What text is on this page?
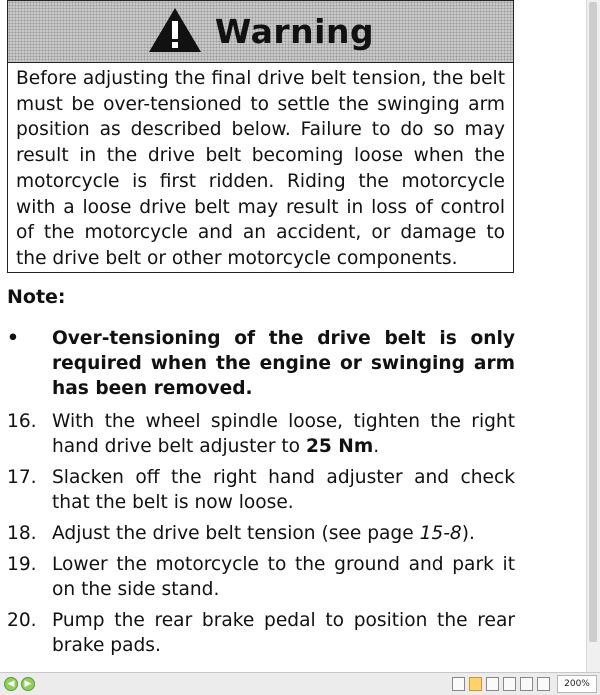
Warning
Before adjusting the final drive belt tension, the belt must be over-tensioned to settle the swinging arm position as described below. Failure to do so may result in the drive belt becoming loose when the motorcycle is first ridden. Riding the motorcycle with a loose drive belt may result in loss of control of the motorcycle and an accident, or damage to the drive belt or other motorcycle components.
Note:
•	Over-tensioning of the drive belt is only required when the engine or swinging arm has been removed.
16. With the wheel spindle loose, tighten the right hand drive belt adjuster to 25 Nm.
17. Slacken off the right hand adjuster and check that the belt is now loose.
18. Adjust the drive belt tension (see page 15-8).
19. Lower the motorcycle to the ground and park it on the side stand.
20. Pump the rear brake pedal to position the rear brake pads.
◀	▶	200%
